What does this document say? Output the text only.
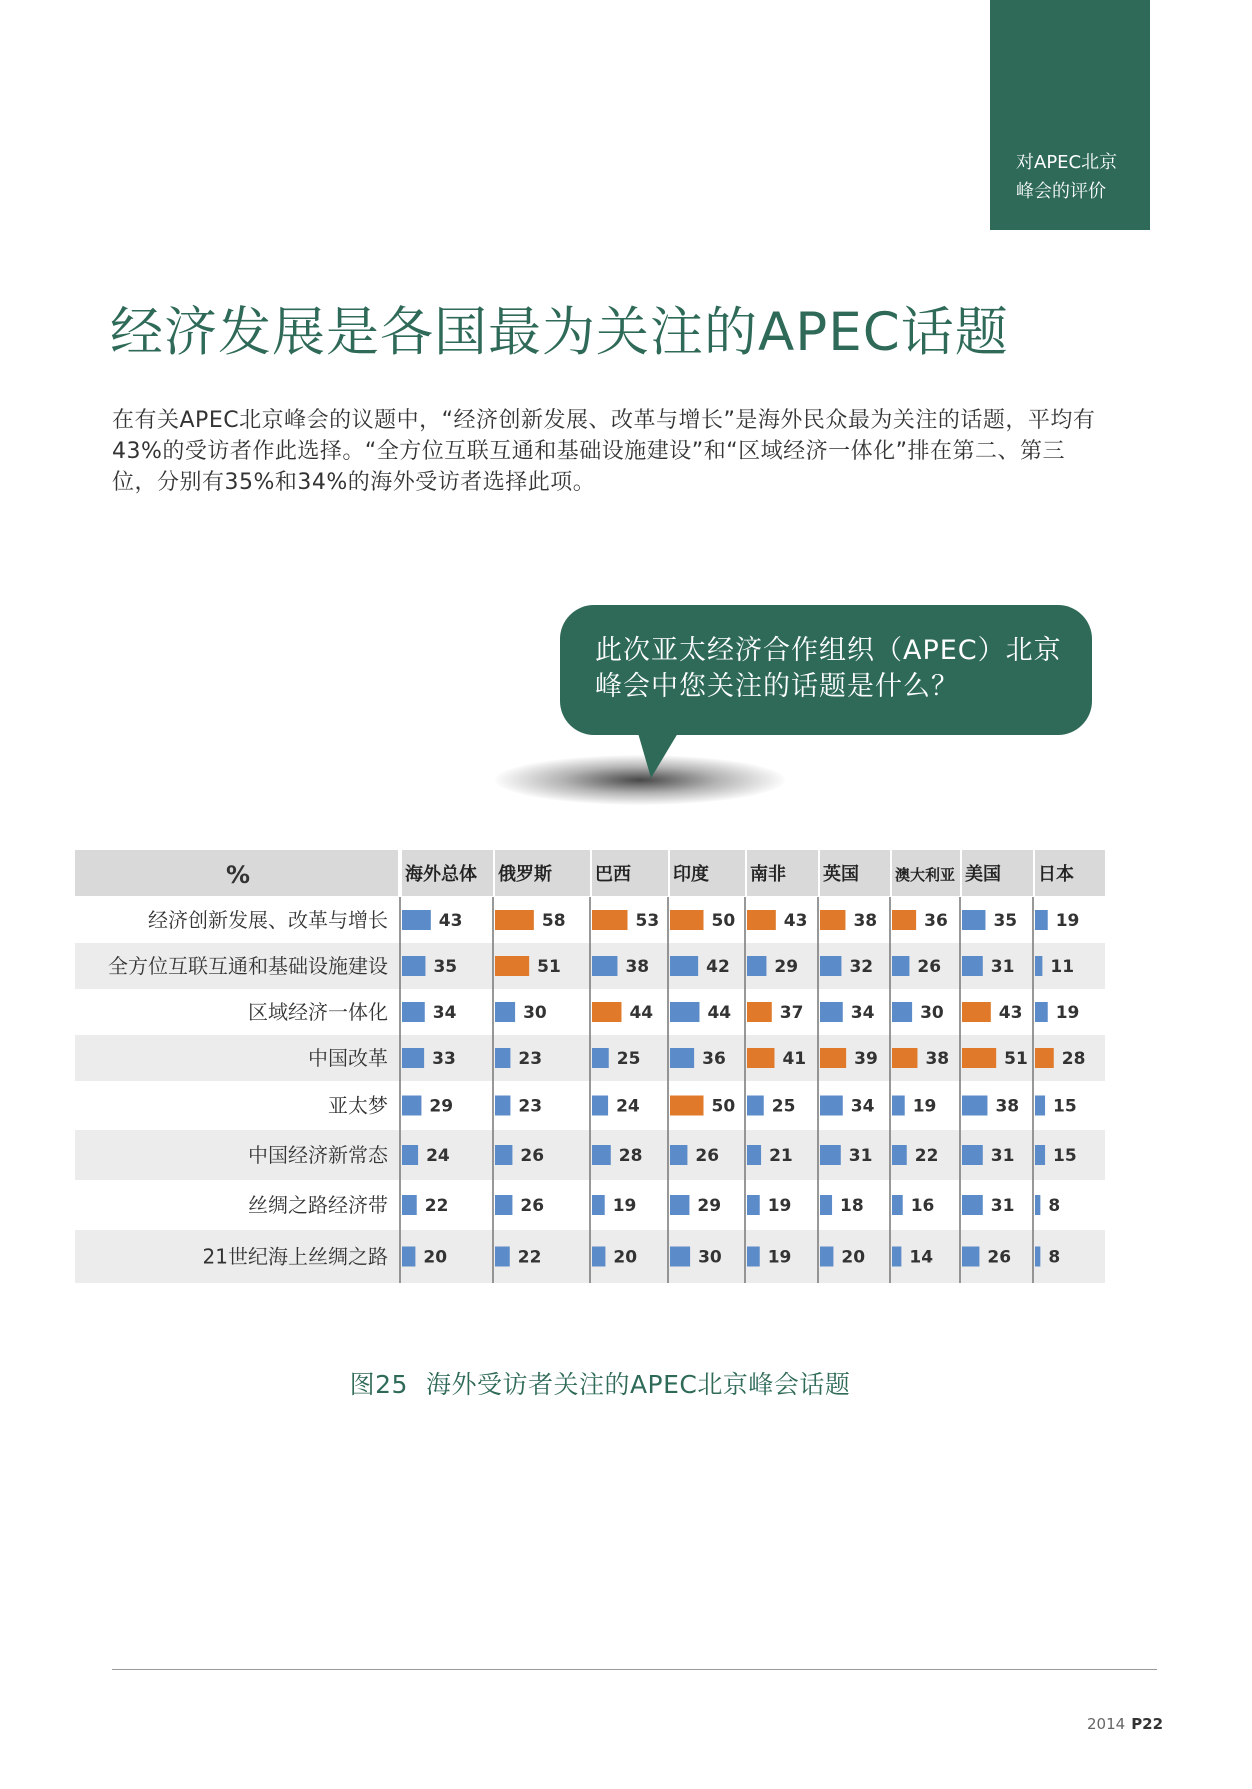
对APEC北京
峰会的评价
经济发展是各国最为关注的APEC话题

在有关APEC北京峰会的议题中，“经济创新发展、改革与增长”是海外民众最为关注的话题，平均有43%的受访者作此选择。“全方位互联互通和基础设施建设”和“区域经济一体化”排在第二、第三位，分别有35%和34%的海外受访者选择此项。

此次亚太经济合作组织（APEC）北京峰会中您关注的话题是什么？
%	海外总体 俄罗斯 巴西 印度 南非 英国 澳大利亚 美国 日本
经济创新发展、改革与增长	43	58	53	50	43	38	36	35 19
全方位互联互通和基础设施建设	35	51	38	42	29	32	26	31 11
区域经济一体化	34	30	44	44	37	34	30	43 19
中国改革	33	23	25	36	41	39	38	51 28
亚太梦 29	23	24	50 25	34 19	38 15
中国经济新常态 24	26	28	26	21	31 22	31 15
丝绸之路经济带 22	26	19	29	19	18	16	31 8
21世纪海上丝绸之路 20	22	20	30	19	20	14	26 8
图25 海外受访者关注的APEC北京峰会话题
2014 P22
